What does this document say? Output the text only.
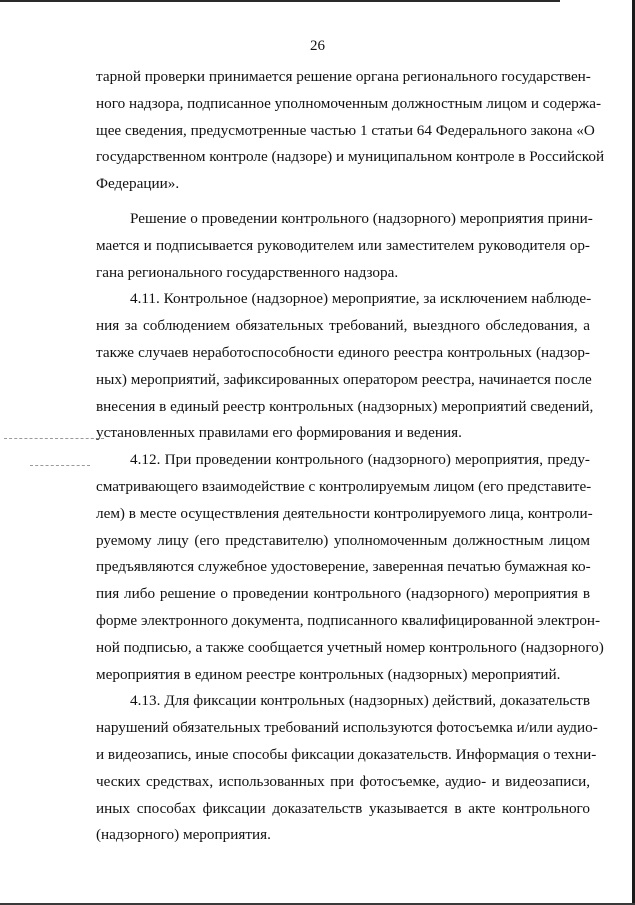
26

тарной проверки принимается решение органа регионального государствен-
ного надзора, подписанное уполномоченным должностным лицом и содержа-
щее сведения, предусмотренные частью 1 статьи 64 Федерального закона «О
государственном контроле (надзоре) и муниципальном контроле в Российской
Федерации».

Решение о проведении контрольного (надзорного) мероприятия прини-
мается и подписывается руководителем или заместителем руководителя ор-
гана регионального государственного надзора.

4.11. Контрольное (надзорное) мероприятие, за исключением наблюде-
ния за соблюдением обязательных требований, выездного обследования, а
также случаев неработоспособности единого реестра контрольных (надзор-
ных) мероприятий, зафиксированных оператором реестра, начинается после
внесения в единый реестр контрольных (надзорных) мероприятий сведений,
установленных правилами его формирования и ведения.

4.12. При проведении контрольного (надзорного) мероприятия, преду-
сматривающего взаимодействие с контролируемым лицом (его представите-
лем) в месте осуществления деятельности контролируемого лица, контроли-
руемому лицу (его представителю) уполномоченным должностным лицом
предъявляются служебное удостоверение, заверенная печатью бумажная ко-
пия либо решение о проведении контрольного (надзорного) мероприятия в
форме электронного документа, подписанного квалифицированной электрон-
ной подписью, а также сообщается учетный номер контрольного (надзорного)
мероприятия в едином реестре контрольных (надзорных) мероприятий.

4.13. Для фиксации контрольных (надзорных) действий, доказательств
нарушений обязательных требований используются фотосъемка и/или аудио-
и видеозапись, иные способы фиксации доказательств. Информация о техни-
ческих средствах, использованных при фотосъемке, аудио- и видеозаписи,
иных способах фиксации доказательств указывается в акте контрольного
(надзорного) мероприятия.
